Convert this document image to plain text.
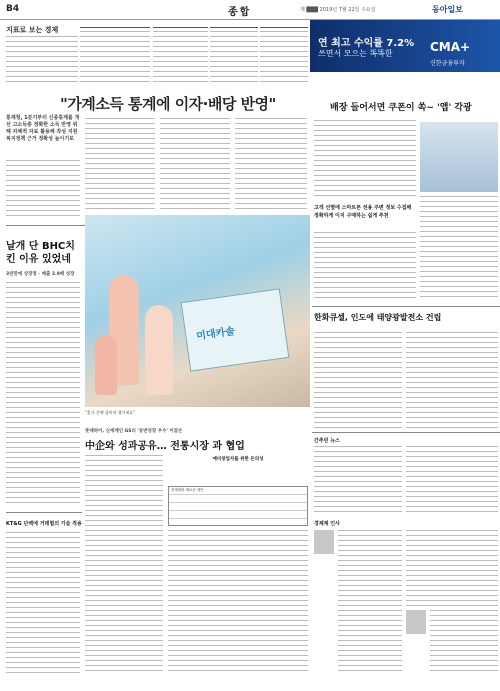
B4	종합	제 ███ 2019년 7월 22일 수요일	동아일보
지표로 보는 경제
연 최고 수익률 7.2%
쓰면서 모으는 똑똑한	CMA+
신한금융투자
"가계소득 통계에 이자·배당 반영"
통계청, 1분기부터 신종통계를 개선 고소득층 정확한 소득 반영 위해 자체적 자료 활용해 작성 지원 복지정책 근거 정확성 높이기로
날개 단 BHC치킨 이유 있었네
3년만에 상장정 · 매출 2.9배 성장
미대카솔
"휴가 갈땐 상비약 챙기세요"
롯데하이, 신세계인 GS리 '동반성장 우수' 이끌은
中企와 성과공유… 전통시장 과 협업
예비창업자를 위한 돈의성
전세대란 새로운 대안
KT&G 단백에 거래협의 기술 적용
배장 들어서면 쿠폰이 쏙~ '앱' 각광
고객 선별에 스마트폰 전용 주변 정보 수집해 정확하게 이지 구매하는 쉽게 추천
한화큐셀, 인도에 태양광발전소 건립
간추린 뉴스
경제계 인사
